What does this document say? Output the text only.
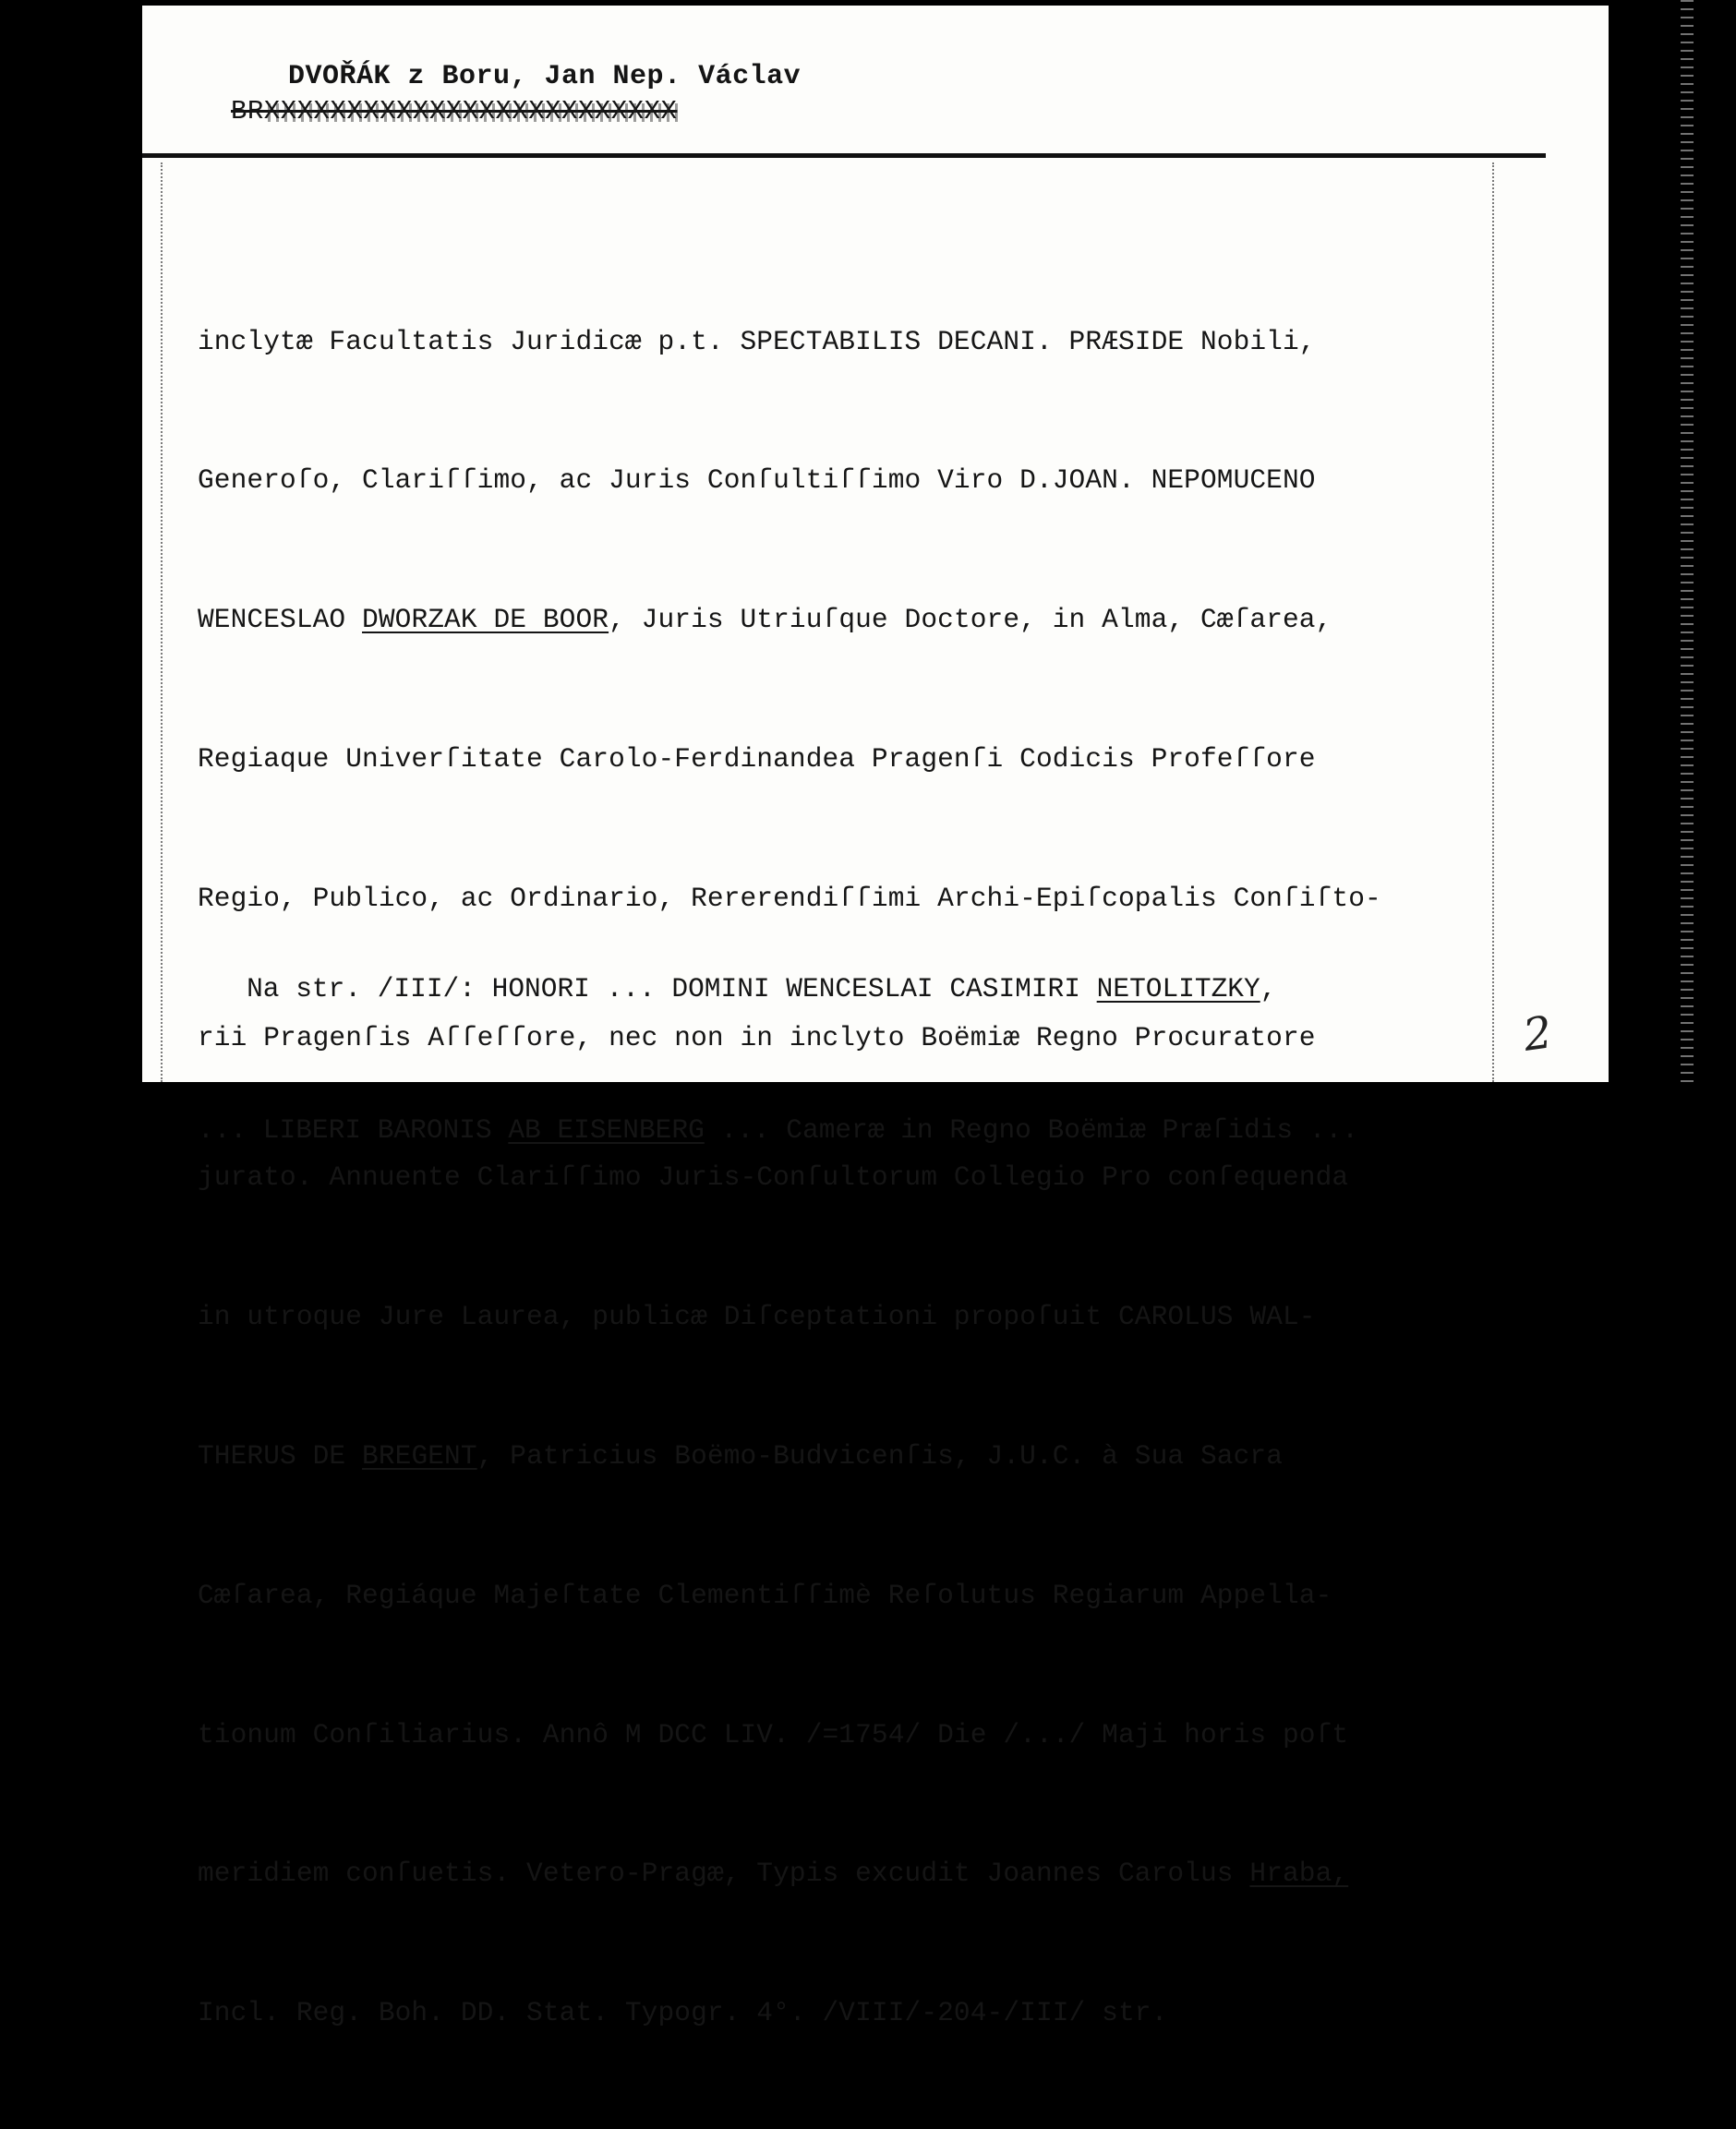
DVOŘÁK z Boru, Jan Nep. Václav
BRXXXXXXXXXXXXXXXXXXXXXXXXX

inclytæ Facultatis Juridicæ p.t. SPECTABILIS DECANI. PRÆSIDE Nobili,

Generoſo, Clariſſimo, ac Juris Conſultiſſimo Viro D.JOAN. NEPOMUCENO

WENCESLAO DWORZAK DE BOOR, Juris Utriuſque Doctore, in Alma, Cæſarea,

Regiaque Univerſitate Carolo-Ferdinandea Pragenſi Codicis Profeſſore

Regio, Publico, ac Ordinario, Rererendiſſimi Archi-Epiſcopalis Conſiſto-

rii Pragenſis Aſſeſſore, nec non in inclyto Boëmiæ Regno Procuratore

jurato. Annuente Clariſſimo Juris-Conſultorum Collegio Pro conſequenda

in utroque Jure Laurea, publicæ Diſceptationi propoſuit CAROLUS WAL-

THERUS DE BREGENT, Patricius Boëmo-Budvicenſis, J.U.C. à Sua Sacra

Cæſarea, Regiáque Majeſtate Clementiſſimè Reſolutus Regiarum Appella-

tionum Conſiliarius. Annô M DCC LIV. /=1754/ Die /.../ Maji horis poſt

meridiem conſuetis. Vetero-Pragæ, Typis excudit Joannes Carolus Hraba,

Incl. Reg. Boh. DD. Stat. Typogr. 4°. /VIII/-204-/III/ str.

Na str. /III/: HONORI ... DOMINI WENCESLAI CASIMIRI NETOLITZKY,

... LIBERI BARONIS AB EISENBERG ... Cameræ in Regno Boëmiæ Præſidis ...

2
